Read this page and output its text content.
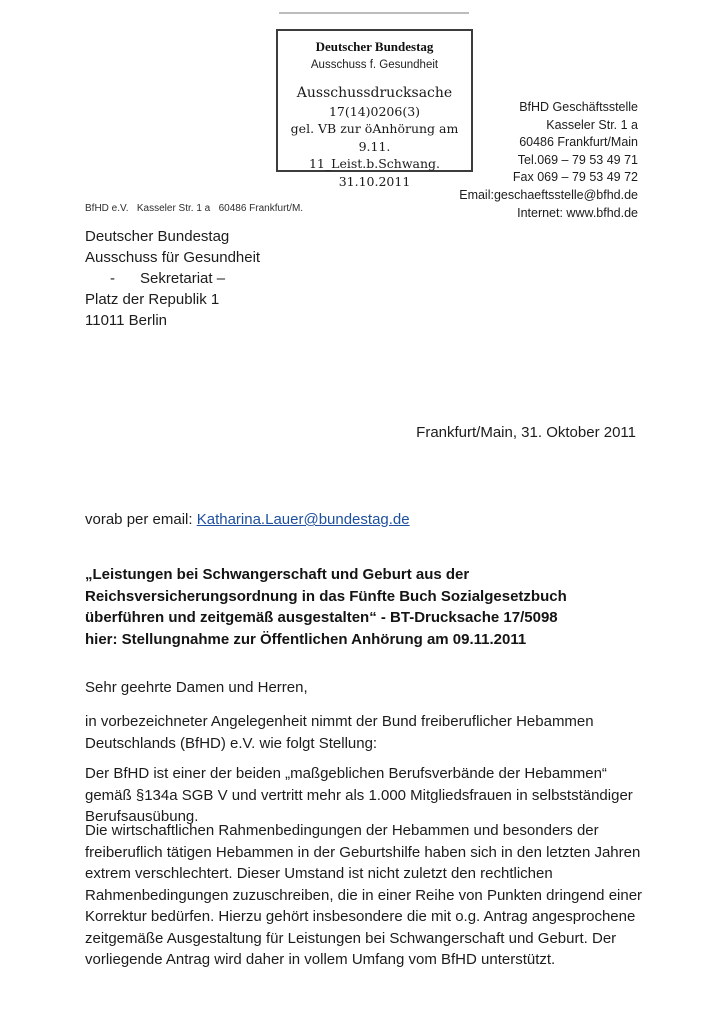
Deutscher Bundestag
Ausschuss f. Gesundheit
Ausschussdrucksache
17(14)0206(3)
gel. VB zur öAnhörung am 9.11.
11_Leist.b.Schwang.
31.10.2011
BfHD Geschäftsstelle
Kasseler Str. 1 a
60486 Frankfurt/Main
Tel.069 – 79 53 49 71
Fax 069 – 79 53 49 72
Email:geschaeftsstelle@bfhd.de
Internet: www.bfhd.de
BfHD e.V.   Kasseler Str. 1 a   60486 Frankfurt/M.
Deutscher Bundestag
Ausschuss für Gesundheit
-      Sekretariat –
Platz der Republik 1
11011 Berlin
Frankfurt/Main, 31. Oktober 2011
vorab per email: Katharina.Lauer@bundestag.de

„Leistungen bei Schwangerschaft und Geburt aus der Reichsversicherungsordnung in das Fünfte Buch Sozialgesetzbuch überführen und zeitgemäß ausgestalten“ - BT-Drucksache 17/5098

hier: Stellungnahme zur Öffentlichen Anhörung am 09.11.2011

Sehr geehrte Damen und Herren,
in vorbezeichneter Angelegenheit nimmt der Bund freiberuflicher Hebammen Deutschlands (BfHD) e.V. wie folgt Stellung:
Der BfHD ist einer der beiden „maßgeblichen Berufsverbände der Hebammen“ gemäß §134a SGB V und vertritt mehr als 1.000 Mitgliedsfrauen in selbstständiger Berufsausübung.
Die wirtschaftlichen Rahmenbedingungen der Hebammen und besonders der freiberuflich tätigen Hebammen in der Geburtshilfe haben sich in den letzten Jahren extrem verschlechtert. Dieser Umstand ist nicht zuletzt den rechtlichen Rahmenbedingungen zuzuschreiben, die in einer Reihe von Punkten dringend einer Korrektur bedürfen. Hierzu gehört insbesondere die mit o.g. Antrag angesprochene zeitgemäße Ausgestaltung für Leistungen bei Schwangerschaft und Geburt. Der vorliegende Antrag wird daher in vollem Umfang vom BfHD unterstützt.
